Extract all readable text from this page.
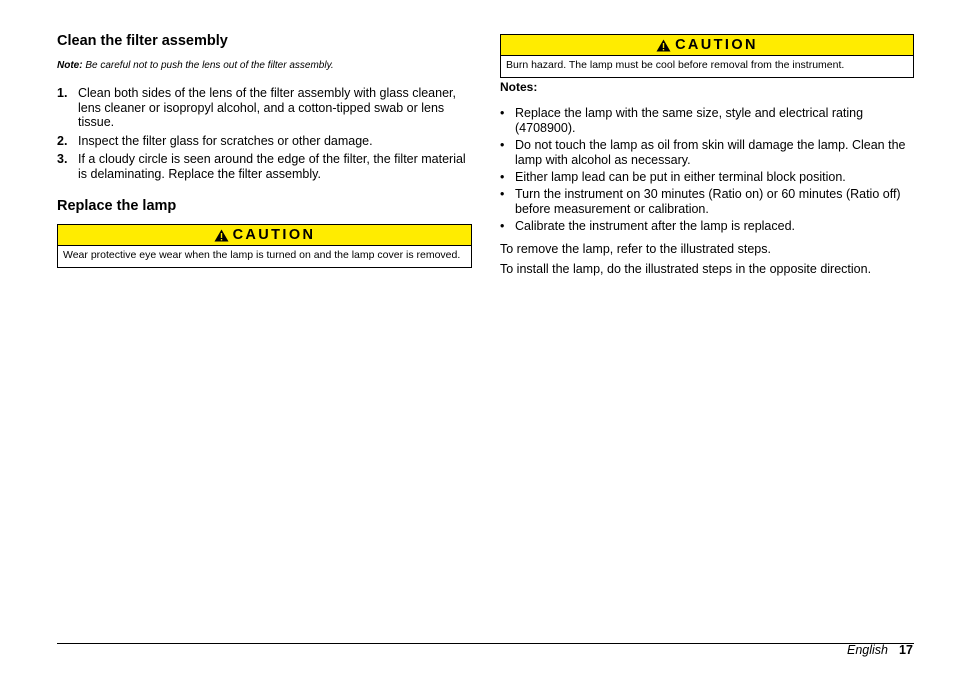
Clean the filter assembly

Note: Be careful not to push the lens out of the filter assembly.

1. Clean both sides of the lens of the filter assembly with glass cleaner, lens cleaner or isopropyl alcohol, and a cotton-tipped swab or lens tissue.
2. Inspect the filter glass for scratches or other damage.
3. If a cloudy circle is seen around the edge of the filter, the filter material is delaminating. Replace the filter assembly.
Replace the lamp
CAUTION
Wear protective eye wear when the lamp is turned on and the lamp cover is removed.
CAUTION
Burn hazard. The lamp must be cool before removal from the instrument.

Notes:

• Replace the lamp with the same size, style and electrical rating (4708900).
• Do not touch the lamp as oil from skin will damage the lamp. Clean the lamp with alcohol as necessary.
• Either lamp lead can be put in either terminal block position.
• Turn the instrument on 30 minutes (Ratio on) or 60 minutes (Ratio off) before measurement or calibration.
• Calibrate the instrument after the lamp is replaced.

To remove the lamp, refer to the illustrated steps.

To install the lamp, do the illustrated steps in the opposite direction.

English 17
